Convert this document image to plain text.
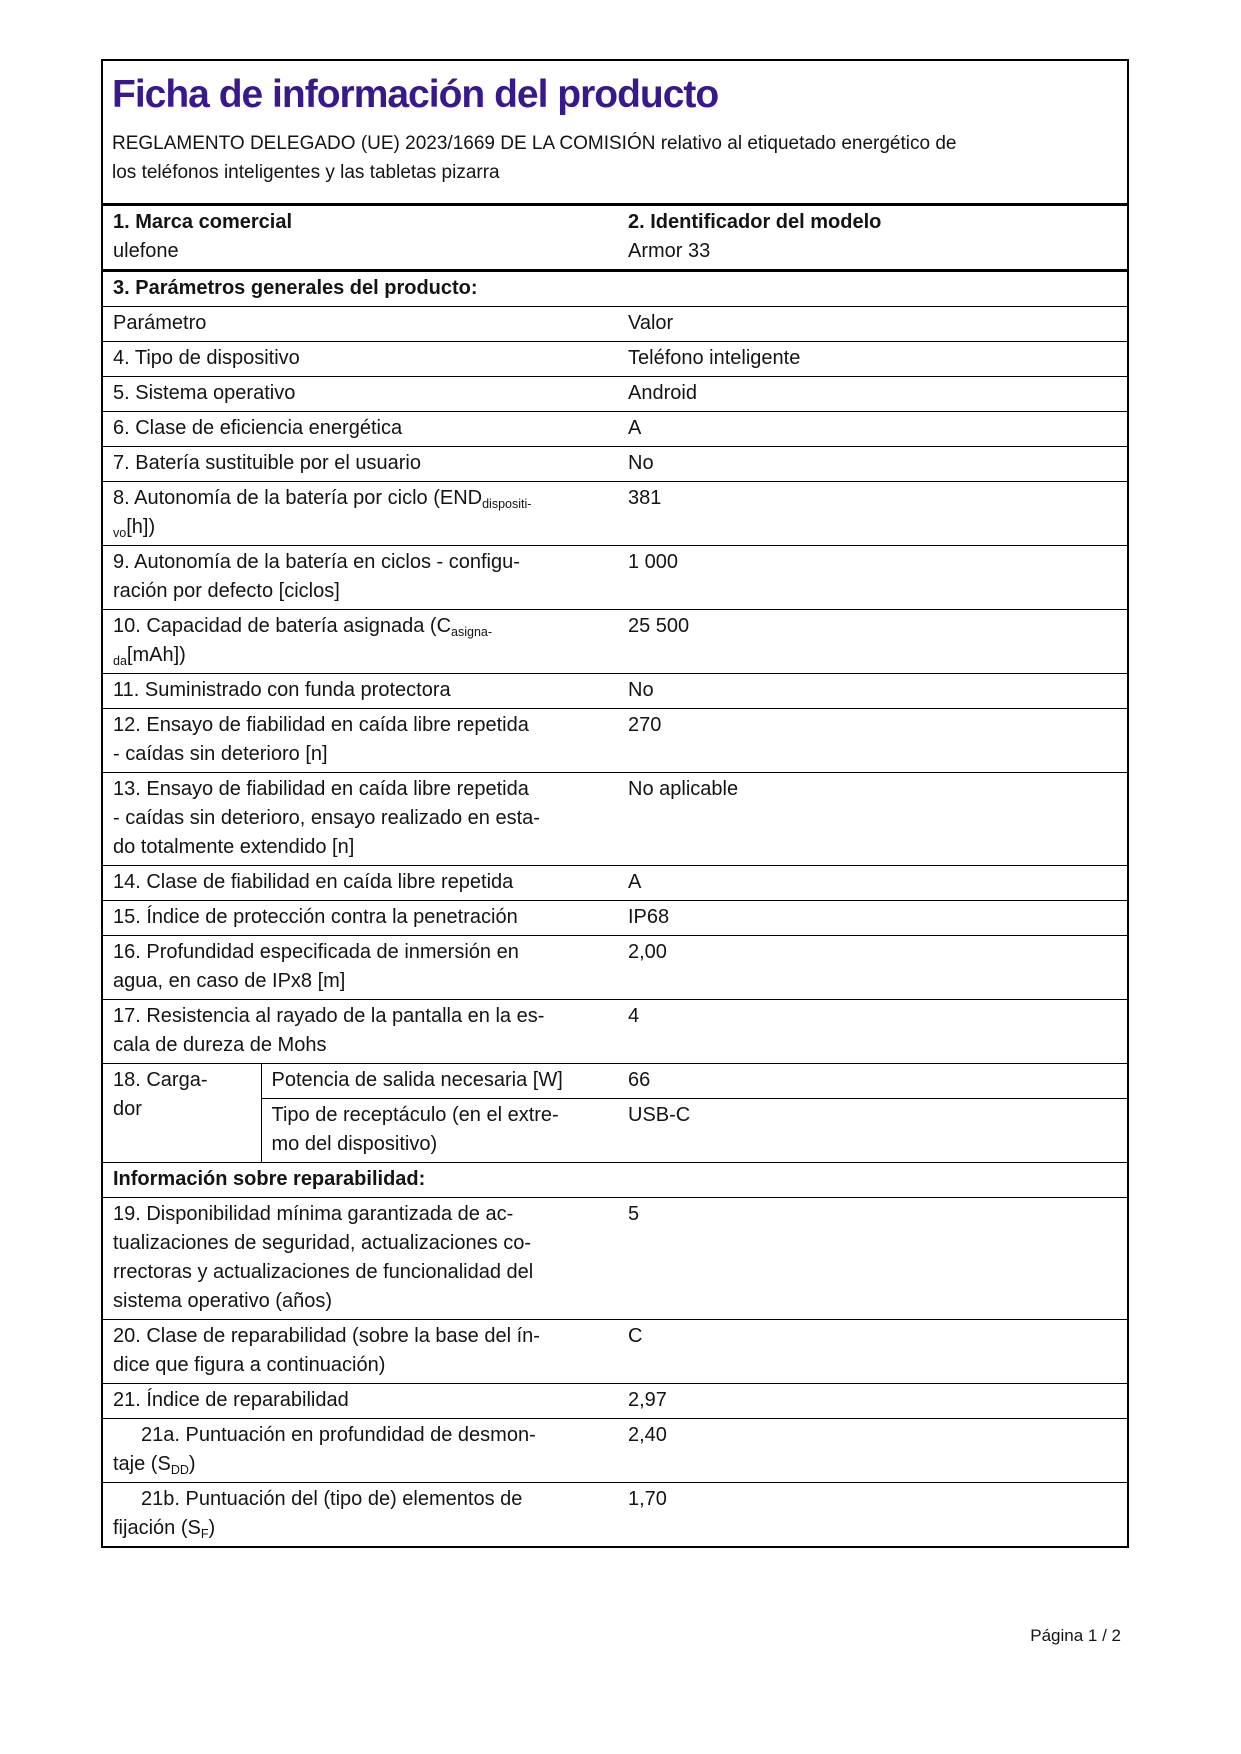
Ficha de información del producto

REGLAMENTO DELEGADO (UE) 2023/1669 DE LA COMISIÓN relativo al etiquetado energético de
los teléfonos inteligentes y las tabletas pizarra

1. Marca comercial
ulefone

2. Identificador del modelo
Armor 33

3. Parámetros generales del producto:		
Parámetro		Valor
4. Tipo de dispositivo		Teléfono inteligente
5. Sistema operativo		Android
6. Clase de eficiencia energética		A
7. Batería sustituible por el usuario		No
8. Autonomía de la batería por ciclo ($END_{dispositi-}$
$_{vo}$[h])		381
9. Autonomía de la batería en ciclos - configu-
ración por defecto [ciclos]		1 000
10. Capacidad de batería asignada ($C_{asigna-}$
$_{da}$[mAh])		25 500
11. Suministrado con funda protectora		No
12. Ensayo de fiabilidad en caída libre repetida
- caídas sin deterioro [n]		270
13. Ensayo de fiabilidad en caída libre repetida
- caídas sin deterioro, ensayo realizado en esta-
do totalmente extendido [n]		No aplicable
14. Clase de fiabilidad en caída libre repetida		A
15. Índice de protección contra la penetración		IP68
16. Profundidad especificada de inmersión en
agua, en caso de IPx8 [m]		2,00
17. Resistencia al rayado de la pantalla en la es-
cala de dureza de Mohs		4
18. Carga-
dor	Potencia de salida necesaria [W]	66
	Tipo de receptáculo (en el extre-
mo del dispositivo)	USB-C
Información sobre reparabilidad:		
19. Disponibilidad mínima garantizada de ac-
tualizaciones de seguridad, actualizaciones co-
rrectoras y actualizaciones de funcionalidad del
sistema operativo (años)		5
20. Clase de reparabilidad (sobre la base del ín-
dice que figura a continuación)		C
21. Índice de reparabilidad		2,97
21a. Puntuación en profundidad de desmon-
taje $(S_{DD})$		2,40
21b. Puntuación del (tipo de) elementos de
fijación $(S_F)$		1,70
Página 1 / 2
